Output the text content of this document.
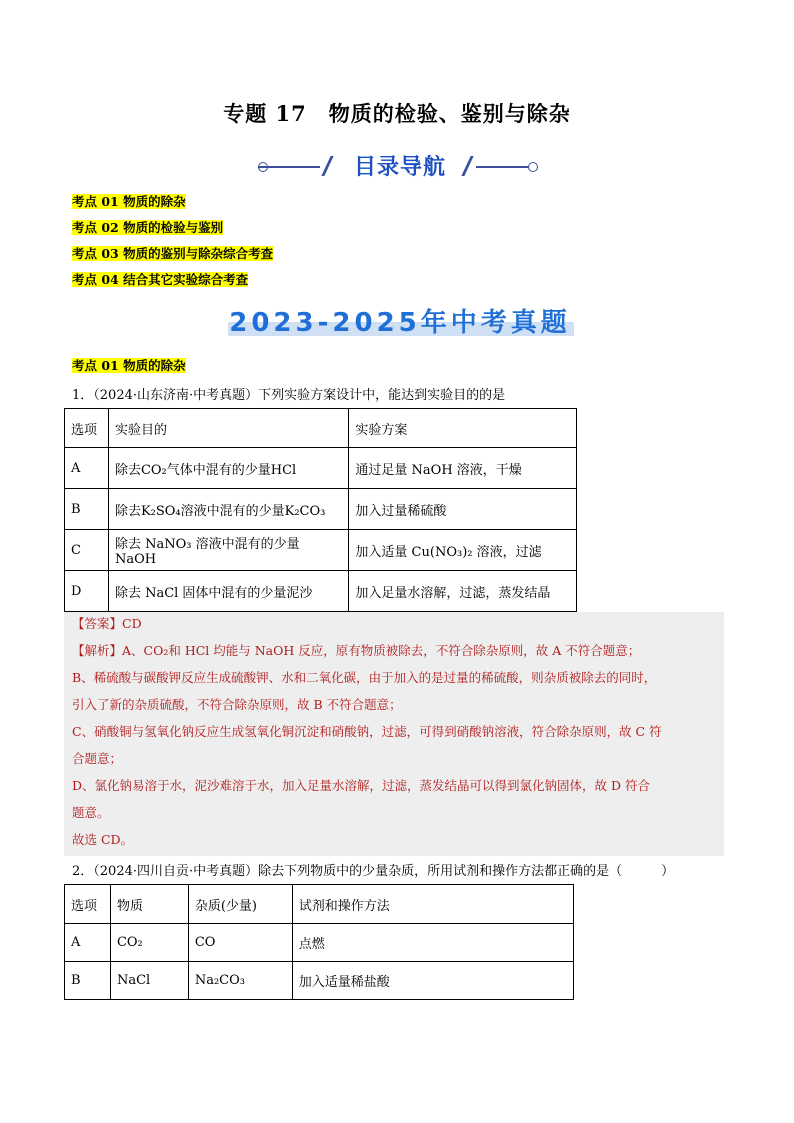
专题 17　物质的检验、鉴别与除杂
目录导航
考点 01 物质的除杂
考点 02 物质的检验与鉴别
考点 03 物质的鉴别与除杂综合考查
考点 04 结合其它实验综合考查
2023-2025年中考真题
考点 01 物质的除杂
1．（2024·山东济南·中考真题）下列实验方案设计中，能达到实验目的的是
选项	实验目的	实验方案
A	除去CO₂气体中混有的少量HCl	通过足量 NaOH 溶液，干燥
B	除去K₂SO₄溶液中混有的少量K₂CO₃	加入过量稀硫酸
C	除去 NaNO₃ 溶液中混有的少量 NaOH	加入适量 Cu(NO₃)₂ 溶液，过滤
D	除去 NaCl 固体中混有的少量泥沙	加入足量水溶解，过滤，蒸发结晶
【答案】CD
【解析】A、CO₂和 HCl 均能与 NaOH 反应，原有物质被除去，不符合除杂原则，故 A 不符合题意；
B、稀硫酸与碳酸钾反应生成硫酸钾、水和二氧化碳，由于加入的是过量的稀硫酸，则杂质被除去的同时，
引入了新的杂质硫酸，不符合除杂原则，故 B 不符合题意；
C、硝酸铜与氢氧化钠反应生成氢氧化铜沉淀和硝酸钠，过滤，可得到硝酸钠溶液，符合除杂原则，故 C 符
合题意；
D、氯化钠易溶于水，泥沙难溶于水，加入足量水溶解，过滤，蒸发结晶可以得到氯化钠固体，故 D 符合
题意。
故选 CD。
2．（2024·四川自贡·中考真题）除去下列物质中的少量杂质，所用试剂和操作方法都正确的是（　　　）
选项	物质	杂质(少量)	试剂和操作方法
A	CO₂	CO	点燃
B	NaCl	Na₂CO₃	加入适量稀盐酸
